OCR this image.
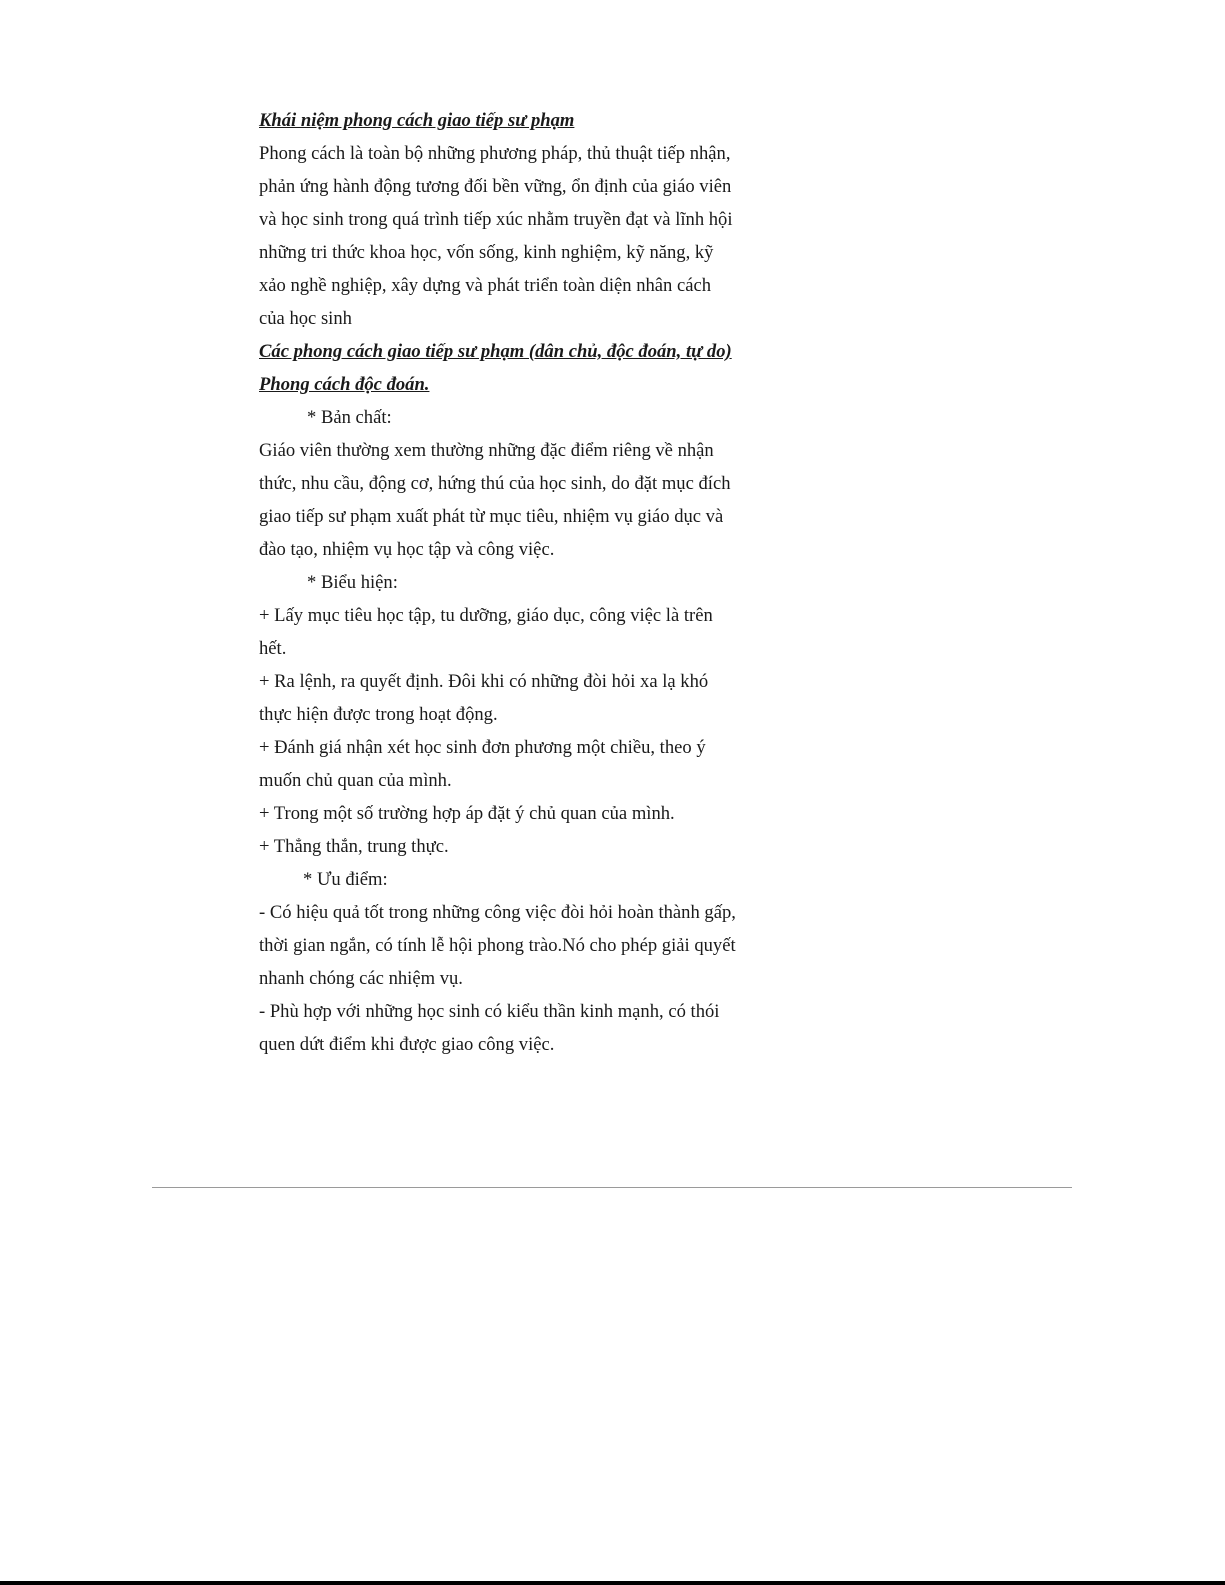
Khái niệm phong cách giao tiếp sư phạm
Phong cách là toàn bộ những phương pháp, thủ thuật tiếp nhận,
phản ứng hành động tương đối bền vững, ổn định của giáo viên
và học sinh trong quá trình tiếp xúc nhằm truyền đạt và lĩnh hội
những tri thức khoa học, vốn sống, kinh nghiệm, kỹ năng, kỹ
xảo nghề nghiệp, xây dựng và phát triển toàn diện nhân cách
của học sinh
Các phong cách giao tiếp sư phạm (dân chủ, độc đoán, tự do)
Phong cách độc đoán.
* Bản chất:
Giáo viên thường xem thường những đặc điểm riêng về nhận
thức, nhu cầu, động cơ, hứng thú của học sinh, do đặt mục đích
giao tiếp sư phạm xuất phát từ mục tiêu, nhiệm vụ giáo dục và
đào tạo, nhiệm vụ học tập và công việc.
* Biểu hiện:
+ Lấy mục tiêu học tập, tu dưỡng, giáo dục, công việc là trên
hết.
+ Ra lệnh, ra quyết định. Đôi khi có những đòi hỏi xa lạ khó
thực hiện được trong hoạt động.
+ Đánh giá nhận xét học sinh đơn phương một chiều, theo ý
muốn chủ quan của mình.
+ Trong một số trường hợp áp đặt ý chủ quan của mình.
+ Thẳng thắn, trung thực.
* Ưu điểm:
- Có hiệu quả tốt trong những công việc đòi hỏi hoàn thành gấp,
thời gian ngắn, có tính lễ hội phong trào.Nó cho phép giải quyết
nhanh chóng các nhiệm vụ.
- Phù hợp với những học sinh có kiểu thần kinh mạnh, có thói
quen dứt điểm khi được giao công việc.
